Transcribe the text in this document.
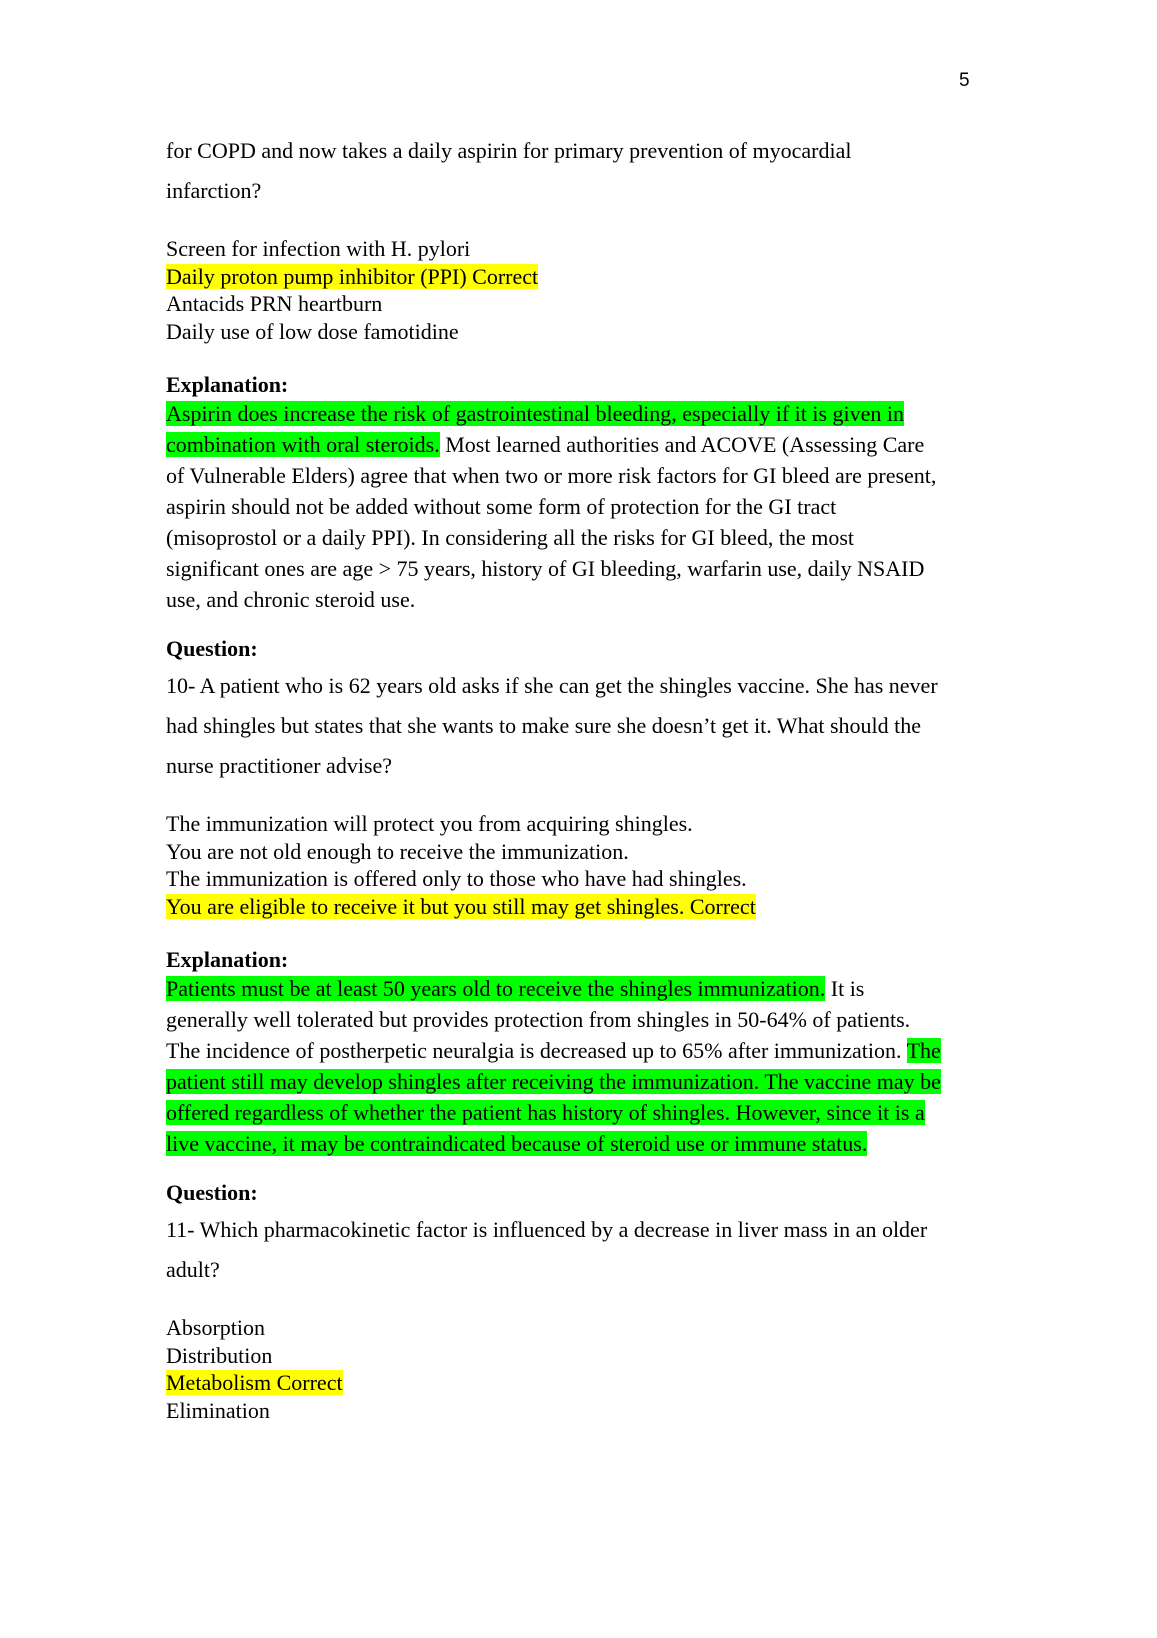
5
for COPD and now takes a daily aspirin for primary prevention of myocardial
infarction?
Screen for infection with H. pylori
Daily proton pump inhibitor (PPI) Correct
Antacids PRN heartburn
Daily use of low dose famotidine
Explanation:
Aspirin does increase the risk of gastrointestinal bleeding, especially if it is given in
combination with oral steroids. Most learned authorities and ACOVE (Assessing Care
of Vulnerable Elders) agree that when two or more risk factors for GI bleed are present,
aspirin should not be added without some form of protection for the GI tract
(misoprostol or a daily PPI). In considering all the risks for GI bleed, the most
significant ones are age > 75 years, history of GI bleeding, warfarin use, daily NSAID
use, and chronic steroid use.
Question:
10- A patient who is 62 years old asks if she can get the shingles vaccine. She has never
had shingles but states that she wants to make sure she doesn’t get it. What should the
nurse practitioner advise?
The immunization will protect you from acquiring shingles.
You are not old enough to receive the immunization.
The immunization is offered only to those who have had shingles.
You are eligible to receive it but you still may get shingles. Correct
Explanation:
Patients must be at least 50 years old to receive the shingles immunization. It is
generally well tolerated but provides protection from shingles in 50-64% of patients.
The incidence of postherpetic neuralgia is decreased up to 65% after immunization. The
patient still may develop shingles after receiving the immunization. The vaccine may be
offered regardless of whether the patient has history of shingles. However, since it is a
live vaccine, it may be contraindicated because of steroid use or immune status.
Question:
11- Which pharmacokinetic factor is influenced by a decrease in liver mass in an older
adult?
Absorption
Distribution
Metabolism Correct
Elimination
